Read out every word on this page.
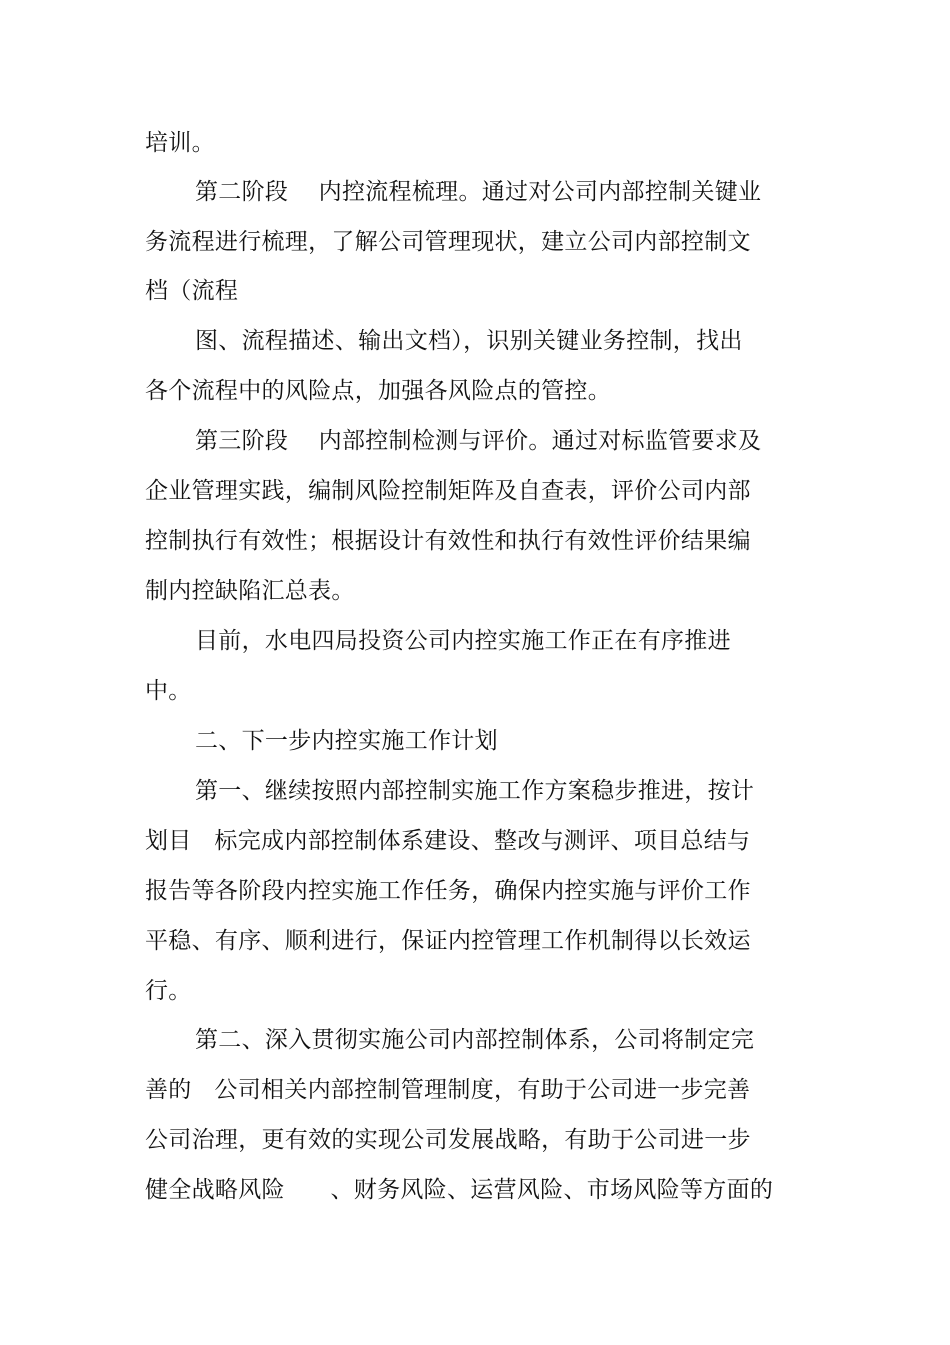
培训。
第二阶段    内控流程梳理。通过对公司内部控制关键业
务流程进行梳理，了解公司管理现状，建立公司内部控制文
档（流程
图、流程描述、输出文档），识别关键业务控制，找出
各个流程中的风险点，加强各风险点的管控。
第三阶段    内部控制检测与评价。通过对标监管要求及
企业管理实践，编制风险控制矩阵及自查表，评价公司内部
控制执行有效性；根据设计有效性和执行有效性评价结果编
制内控缺陷汇总表。
目前，水电四局投资公司内控实施工作正在有序推进
中。
二、下一步内控实施工作计划
第一、继续按照内部控制实施工作方案稳步推进，按计
划目   标完成内部控制体系建设、整改与测评、项目总结与
报告等各阶段内控实施工作任务，确保内控实施与评价工作
平稳、有序、顺利进行，保证内控管理工作机制得以长效运
行。
第二、深入贯彻实施公司内部控制体系，公司将制定完
善的   公司相关内部控制管理制度，有助于公司进一步完善
公司治理，更有效的实现公司发展战略，有助于公司进一步
健全战略风险      、财务风险、运营风险、市场风险等方面的
